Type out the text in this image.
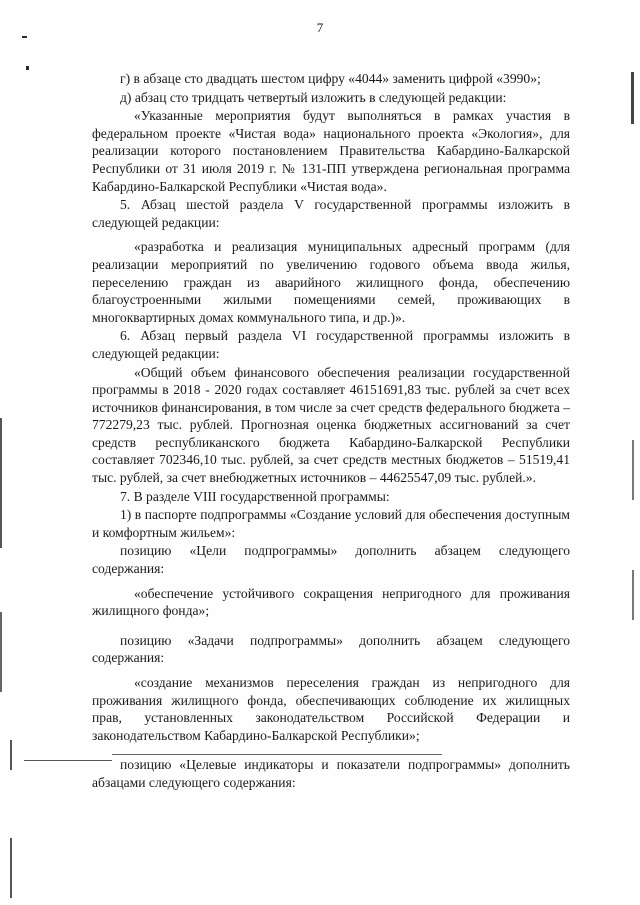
7

г) в абзаце сто двадцать шестом цифру «4044» заменить цифрой «3990»;

д) абзац сто тридцать четвертый изложить в следующей редакции:

«Указанные мероприятия будут выполняться в рамках участия в федеральном проекте «Чистая вода» национального проекта «Экология», для реализации которого постановлением Правительства Кабардино-Балкарской Республики от 31 июля 2019 г. № 131-ПП утверждена региональная программа Кабардино-Балкарской Республики «Чистая вода».

5. Абзац шестой раздела V государственной программы изложить в следующей редакции:

«разработка и реализация муниципальных адресный программ (для реализации мероприятий по увеличению годового объема ввода жилья, переселению граждан из аварийного жилищного фонда, обеспечению благоустроенными жилыми помещениями семей, проживающих в многоквартирных домах коммунального типа, и др.)».

6. Абзац первый раздела VI государственной программы изложить в следующей редакции:

«Общий объем финансового обеспечения реализации государственной программы в 2018 - 2020 годах составляет 46151691,83 тыс. рублей за счет всех источников финансирования, в том числе за счет средств федерального бюджета – 772279,23 тыс. рублей. Прогнозная оценка бюджетных ассигнований за счет средств республиканского бюджета Кабардино-Балкарской Республики составляет 702346,10 тыс. рублей, за счет средств местных бюджетов – 51519,41 тыс. рублей, за счет внебюджетных источников – 44625547,09 тыс. рублей.».

7. В разделе VIII государственной программы:

1) в паспорте подпрограммы «Создание условий для обеспечения доступным и комфортным жильем»:

позицию «Цели подпрограммы» дополнить абзацем следующего содержания:

«обеспечение устойчивого сокращения непригодного для проживания жилищного фонда»;

позицию «Задачи подпрограммы» дополнить абзацем следующего содержания:

«создание механизмов переселения граждан из непригодного для проживания жилищного фонда, обеспечивающих соблюдение их жилищных прав, установленных законодательством Российской Федерации и законодательством Кабардино-Балкарской Республики»;

позицию «Целевые индикаторы и показатели подпрограммы» дополнить абзацами следующего содержания:
